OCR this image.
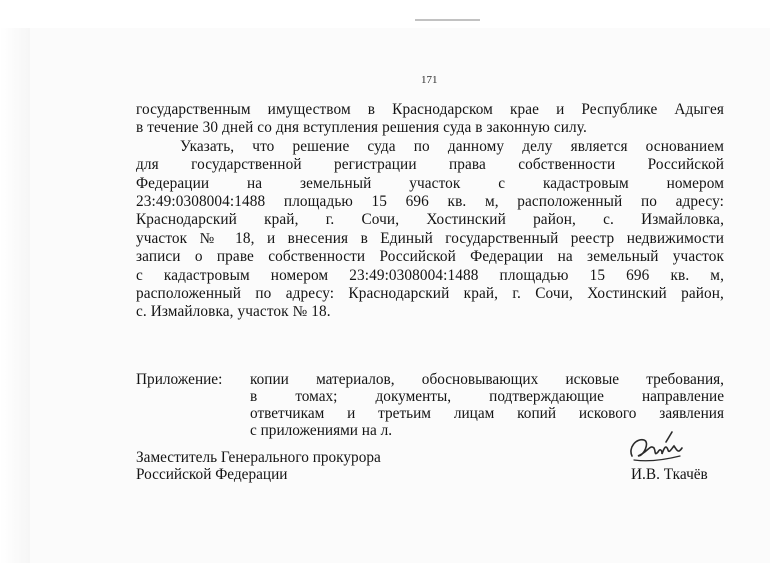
171

государственным имуществом в Краснодарском крае и Республике Адыгея

в течение 30 дней со дня вступления решения суда в законную силу.

Указать, что решение суда по данному делу является основанием

для государственной регистрации права собственности Российской

Федерации на земельный участок с кадастровым номером

23:49:0308004:1488 площадью 15 696 кв. м, расположенный по адресу:

Краснодарский край, г. Сочи, Хостинский район, с. Измайловка,

участок № 18, и внесения в Единый государственный реестр недвижимости

записи о праве собственности Российской Федерации на земельный участок

с кадастровым номером 23:49:0308004:1488 площадью 15 696 кв. м,

расположенный по адресу: Краснодарский край, г. Сочи, Хостинский район,

с. Измайловка, участок № 18.

Приложение: копии материалов, обосновывающих исковые требования,
в томах; документы, подтверждающие направление
ответчикам и третьим лицам копий искового заявления
с приложениями на л.
Заместитель Генерального прокурора
Российской Федерации	И.В. Ткачёв
